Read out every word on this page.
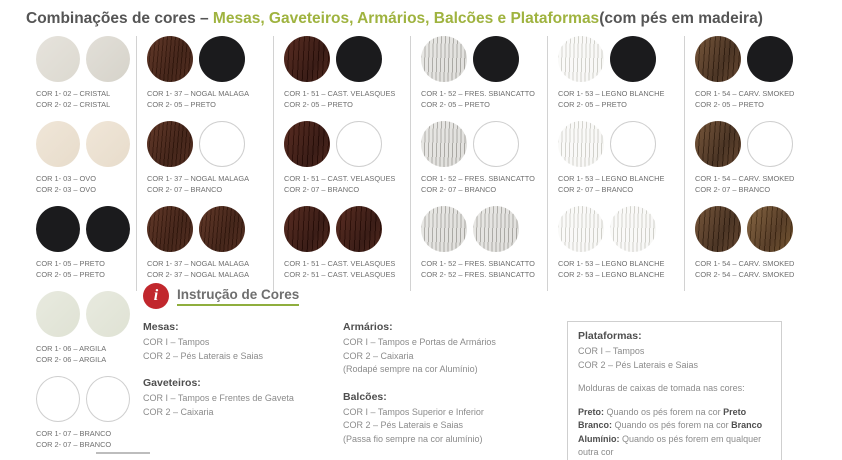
Combinações de cores – Mesas, Gaveteiros, Armários, Balcões e Plataformas(com pés em madeira)
COR 1- 02 – CRISTAL
COR 2- 02 – CRISTAL
COR 1- 03 – OVO
COR 2- 03 – OVO
COR 1- 05 – PRETO
COR 2- 05 – PRETO
COR 1- 06 – ARGILA
COR 2- 06 – ARGILA
COR 1- 07 – BRANCO
COR 2- 07 – BRANCO
COR 1- 37 – NOGAL MALAGA
COR 2- 05 – PRETO
COR 1- 37 – NOGAL MALAGA
COR 2- 07 – BRANCO
COR 1- 37 – NOGAL MALAGA
COR 2- 37 – NOGAL MALAGA
COR 1- 51 – CAST. VELASQUES
COR 2- 05 – PRETO
COR 1- 51 – CAST. VELASQUES
COR 2- 07 – BRANCO
COR 1- 51 – CAST. VELASQUES
COR 2- 51 – CAST. VELASQUES
COR 1- 52 – FRES. SBIANCATTO
COR 2- 05 – PRETO
COR 1- 52 – FRES. SBIANCATTO
COR 2- 07 – BRANCO
COR 1- 52 – FRES. SBIANCATTO
COR 2- 52 – FRES. SBIANCATTO
COR 1- 53 – LEGNO BLANCHE
COR 2- 05 – PRETO
COR 1- 53 – LEGNO BLANCHE
COR 2- 07 – BRANCO
COR 1- 53 – LEGNO BLANCHE
COR 2- 53 – LEGNO BLANCHE
COR 1- 54 – CARV. SMOKED
COR 2- 05 – PRETO
COR 1- 54 – CARV. SMOKED
COR 2- 07 – BRANCO
COR 1- 54 – CARV. SMOKED
COR 2- 54 – CARV. SMOKED
i	Instrução de Cores
Mesas:

COR I – Tampos

COR 2 – Pés Laterais e Saias

Gaveteiros:

COR I – Tampos e Frentes de Gaveta

COR 2 – Caixaria

Armários:

COR I – Tampos e Portas de Armários

COR 2 – Caixaria

(Rodapé sempre na cor Alumínio)

Balcões:

COR I – Tampos Superior e Inferior

COR 2 – Pés Laterais e Saias

(Passa fio sempre na cor alumínio)

Plataformas:

COR I – Tampos

COR 2 – Pés Laterais e Saias

Molduras de caixas de tomada nas cores:

Preto: Quando os pés forem na cor Preto

Branco: Quando os pés forem na cor Branco

Alumínio: Quando os pés forem em qualquer outra cor
